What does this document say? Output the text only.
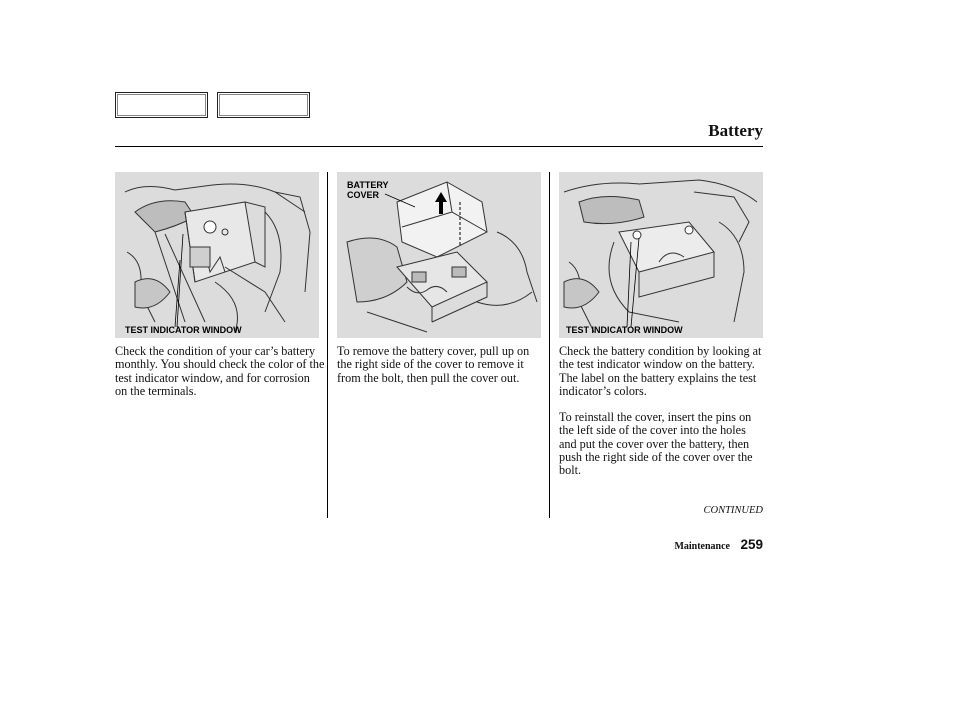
Battery
TEST INDICATOR WINDOW
BATTERY
COVER
TEST INDICATOR WINDOW

Check the condition of your car’s battery monthly. You should check the color of the test indicator window, and for corrosion on the terminals.

To remove the battery cover, pull up on the right side of the cover to remove it from the bolt, then pull the cover out.

Check the battery condition by looking at the test indicator window on the battery.

The label on the battery explains the test indicator’s colors.

To reinstall the cover, insert the pins on the left side of the cover into the holes and put the cover over the battery, then push the right side of the cover over the bolt.

CONTINUED
Maintenance 259
